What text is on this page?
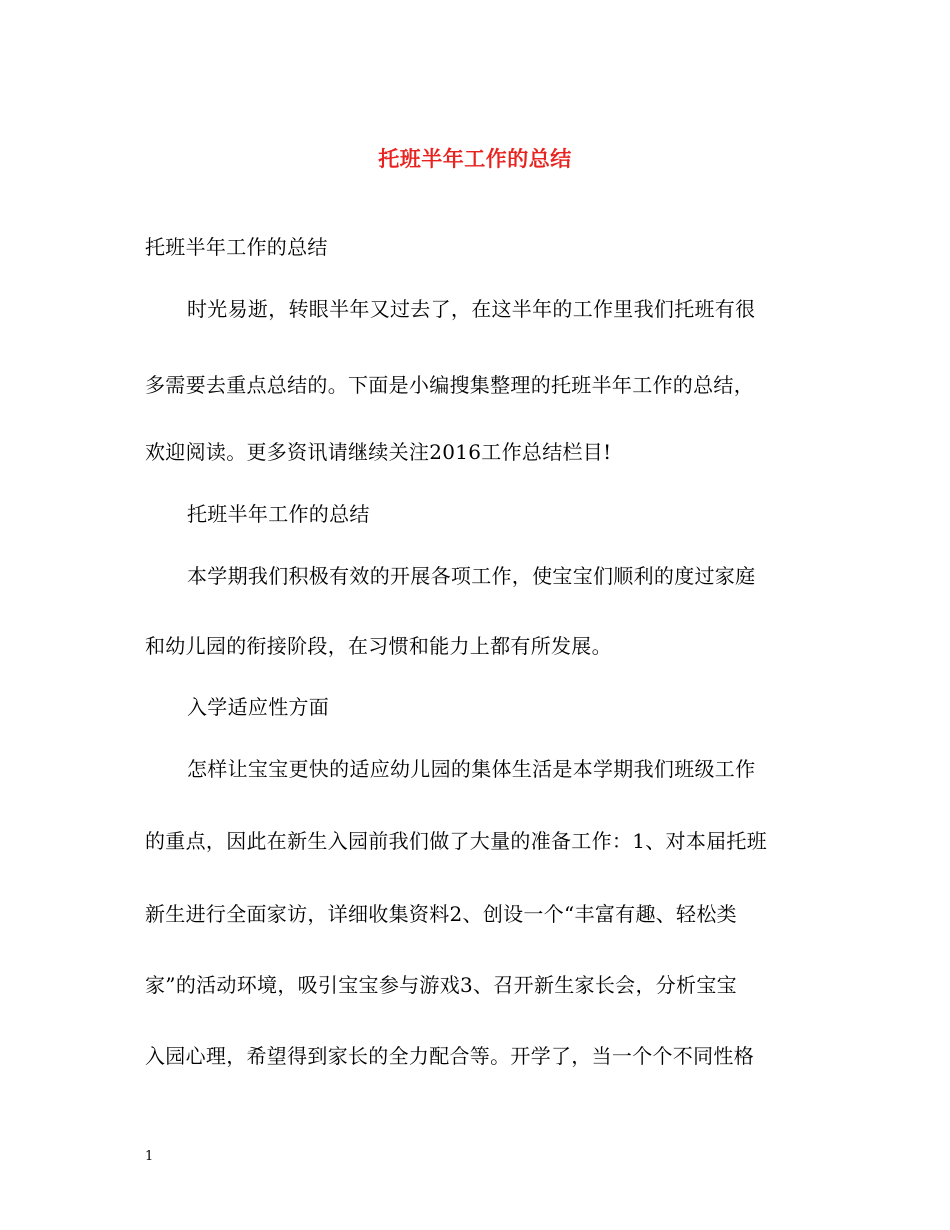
托班半年工作的总结
托班半年工作的总结
时光易逝，转眼半年又过去了，在这半年的工作里我们托班有很
多需要去重点总结的。下面是小编搜集整理的托班半年工作的总结，
欢迎阅读。更多资讯请继续关注2016工作总结栏目!
托班半年工作的总结
本学期我们积极有效的开展各项工作，使宝宝们顺利的度过家庭
和幼儿园的衔接阶段，在习惯和能力上都有所发展。
入学适应性方面
怎样让宝宝更快的适应幼儿园的集体生活是本学期我们班级工作
的重点，因此在新生入园前我们做了大量的准备工作：1、对本届托班
新生进行全面家访，详细收集资料2、创设一个“丰富有趣、轻松类
家”的活动环境，吸引宝宝参与游戏3、召开新生家长会，分析宝宝
入园心理，希望得到家长的全力配合等。开学了，当一个个不同性格
1
